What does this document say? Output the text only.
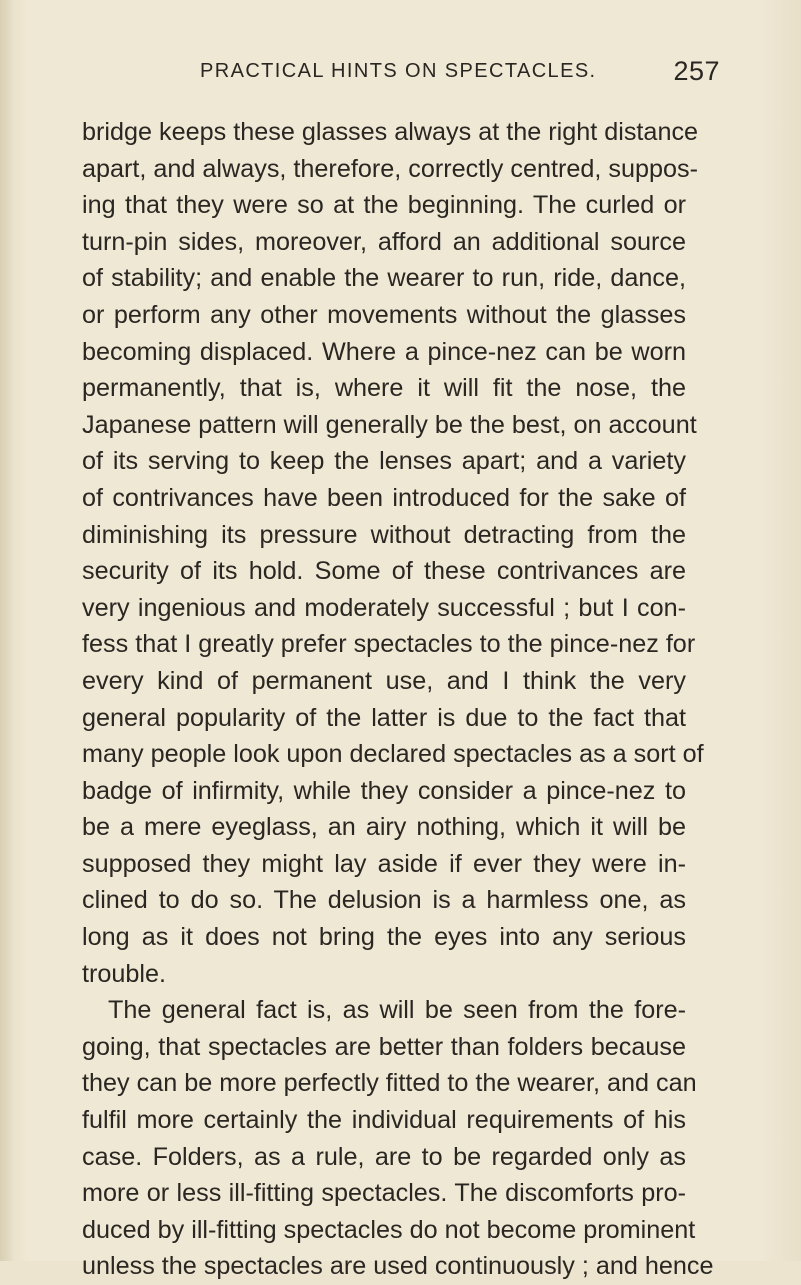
PRACTICAL HINTS ON SPECTACLES.	257
bridge keeps these glasses always at the right distance
apart, and always, therefore, correctly centred, suppos-
ing that they were so at the beginning. The curled or
turn-pin sides, moreover, afford an additional source
of stability; and enable the wearer to run, ride, dance,
or perform any other movements without the glasses
becoming displaced. Where a pince-nez can be worn
permanently, that is, where it will fit the nose, the
Japanese pattern will generally be the best, on account
of its serving to keep the lenses apart; and a variety
of contrivances have been introduced for the sake of
diminishing its pressure without detracting from the
security of its hold. Some of these contrivances are
very ingenious and moderately successful ; but I con-
fess that I greatly prefer spectacles to the pince-nez for
every kind of permanent use, and I think the very
general popularity of the latter is due to the fact that
many people look upon declared spectacles as a sort of
badge of infirmity, while they consider a pince-nez to
be a mere eyeglass, an airy nothing, which it will be
supposed they might lay aside if ever they were in-
clined to do so. The delusion is a harmless one, as
long as it does not bring the eyes into any serious
trouble.
The general fact is, as will be seen from the fore-
going, that spectacles are better than folders because
they can be more perfectly fitted to the wearer, and can
fulfil more certainly the individual requirements of his
case. Folders, as a rule, are to be regarded only as
more or less ill-fitting spectacles. The discomforts pro-
duced by ill-fitting spectacles do not become prominent
unless the spectacles are used continuously ; and hence
